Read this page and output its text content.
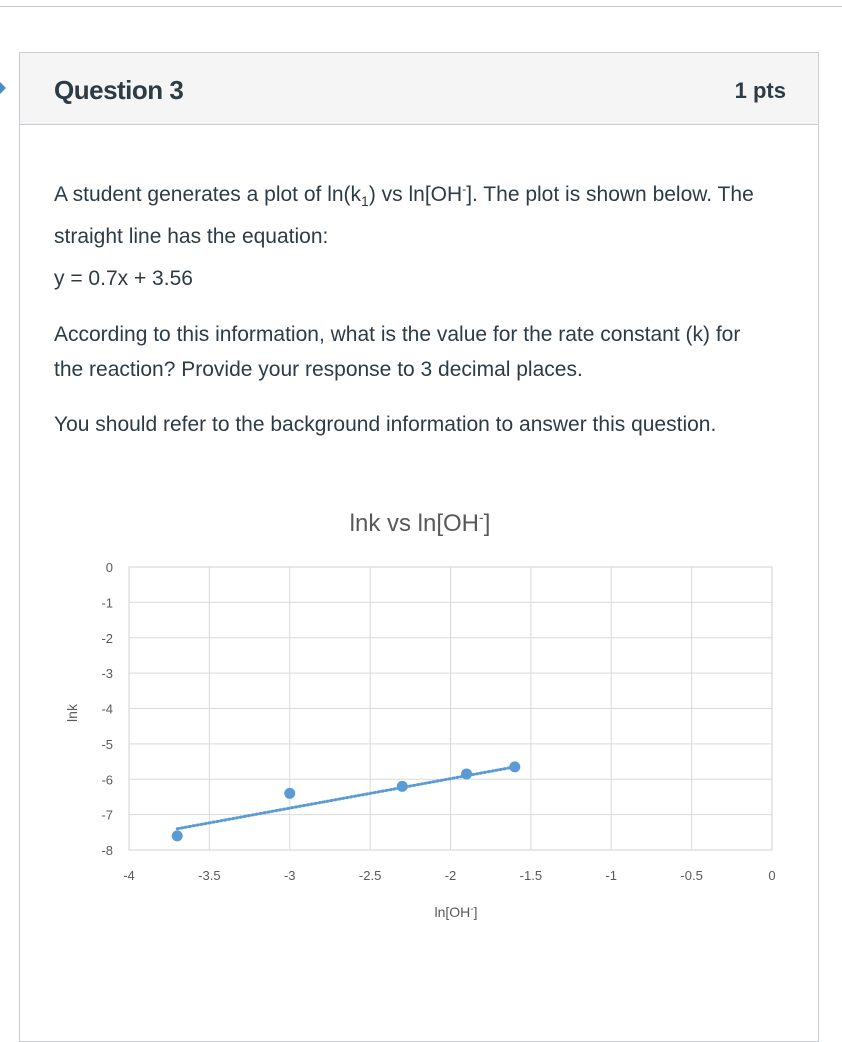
Question 3	1 pts

A student generates a plot of $\ln(k_1)$ vs ln[OH-]. The plot is shown below. The straight line has the equation:

y = 0.7x + 3.56

According to this information, what is the value for the rate constant (k) for the reaction? Provide your response to 3 decimal places.

You should refer to the background information to answer this question.

lnk vs ln[OH-]
-4	-3.5	-3	-2.5	-2	-1.5	-1	-0.5	0
0
-1
-2
-3
-4
-5
-6
-7
-8
lnk
ln[OH-]
